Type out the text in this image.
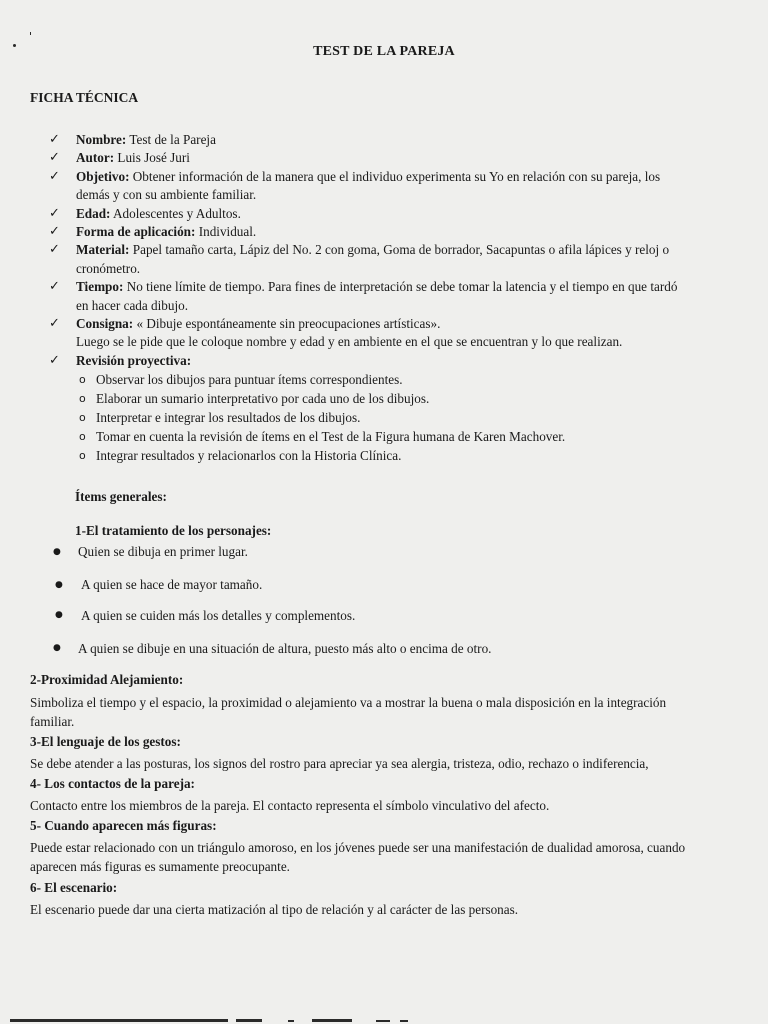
TEST DE LA PAREJA
FICHA TÉCNICA
✓ Nombre: Test de la Pareja
✓ Autor: Luis José Juri
✓ Objetivo: Obtener información de la manera que el individuo experimenta su Yo en relación con su pareja, los
demás y con su ambiente familiar.
✓ Edad: Adolescentes y Adultos.
✓ Forma de aplicación: Individual.
✓ Material: Papel tamaño carta, Lápiz del No. 2 con goma, Goma de borrador, Sacapuntas o afila lápices y reloj o
cronómetro.
✓ Tiempo: No tiene límite de tiempo. Para fines de interpretación se debe tomar la latencia y el tiempo en que tardó
en hacer cada dibujo.
✓ Consigna: « Dibuje espontáneamente sin preocupaciones artísticas».
Luego se le pide que le coloque nombre y edad y en ambiente en el que se encuentran y lo que realizan.
✓ Revisión proyectiva:
o Observar los dibujos para puntuar ítems correspondientes.
o Elaborar un sumario interpretativo por cada uno de los dibujos.
o Interpretar e integrar los resultados de los dibujos.
o Tomar en cuenta la revisión de ítems en el Test de la Figura humana de Karen Machover.
o Integrar resultados y relacionarlos con la Historia Clínica.
Ítems generales:
1-El tratamiento de los personajes:
● Quien se dibuja en primer lugar.
● A quien se hace de mayor tamaño.
● A quien se cuiden más los detalles y complementos.
● A quien se dibuje en una situación de altura, puesto más alto o encima de otro.
2-Proximidad Alejamiento:
Simboliza el tiempo y el espacio, la proximidad o alejamiento va a mostrar la buena o mala disposición en la integración
familiar.
3-El lenguaje de los gestos:
Se debe atender a las posturas, los signos del rostro para apreciar ya sea alergia, tristeza, odio, rechazo o indiferencia,
4- Los contactos de la pareja:
Contacto entre los miembros de la pareja. El contacto representa el símbolo vinculativo del afecto.
5- Cuando aparecen más figuras:
Puede estar relacionado con un triángulo amoroso, en los jóvenes puede ser una manifestación de dualidad amorosa, cuando
aparecen más figuras es sumamente preocupante.
6- El escenario:
El escenario puede dar una cierta matización al tipo de relación y al carácter de las personas.
